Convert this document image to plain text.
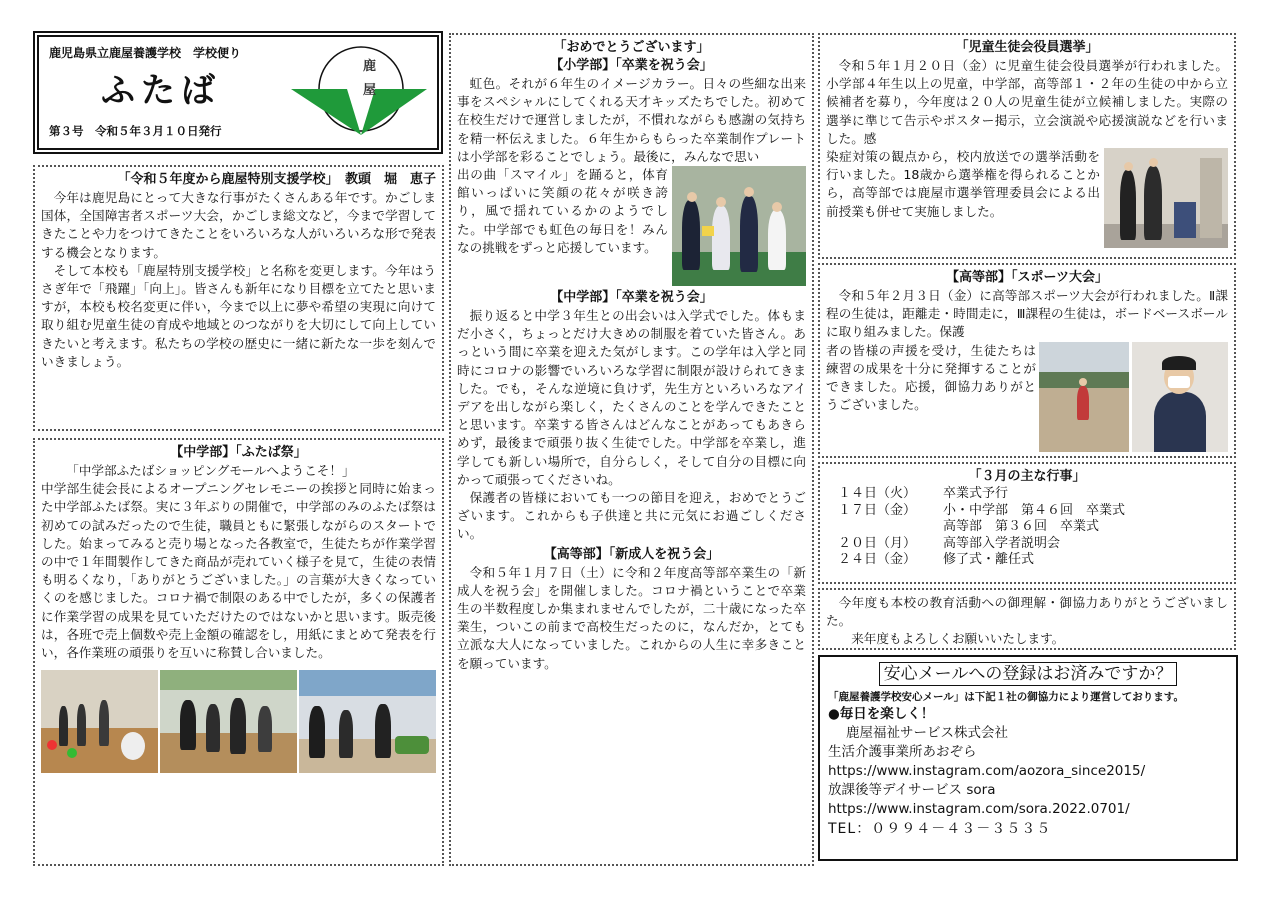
鹿児島県立鹿屋養護学校　学校便り
ふたば
第３号　令和５年３月１０日発行
鹿
屋
「令和５年度から鹿屋特別支援学校」　教頭　堀　恵子

今年は鹿児島にとって大きな行事がたくさんある年です。かごしま国体，全国障害者スポーツ大会，かごしま総文など，今まで学習してきたことや力をつけてきたことをいろいろな人がいろいろな形で発表する機会となります。

そして本校も「鹿屋特別支援学校」と名称を変更します。今年はうさぎ年で「飛躍」「向上」。皆さんも新年になり目標を立てたと思いますが，本校も校名変更に伴い，今まで以上に夢や希望の実現に向けて取り組む児童生徒の育成や地域とのつながりを大切にして向上していきたいと考えます。私たちの学校の歴史に一緒に新たな一歩を刻んでいきましょう。

【中学部】「ふたば祭」

「中学部ふたばショッピングモールへようこそ！」

中学部生徒会長によるオープニングセレモニーの挨拶と同時に始まった中学部ふたば祭。実に３年ぶりの開催で，中学部のみのふたば祭は初めての試みだったので生徒，職員ともに緊張しながらのスタートでした。始まってみると売り場となった各教室で，生徒たちが作業学習の中で１年間製作してきた商品が売れていく様子を見て，生徒の表情も明るくなり，「ありがとうございました。」の言葉が大きくなっていくのを感じました。コロナ禍で制限のある中でしたが，多くの保護者に作業学習の成果を見ていただけたのではないかと思います。販売後は，各班で売上個数や売上金額の確認をし，用紙にまとめて発表を行い，各作業班の頑張りを互いに称賛し合いました。

「おめでとうございます」
【小学部】「卒業を祝う会」

虹色。それが６年生のイメージカラー。日々の些細な出来事をスペシャルにしてくれる天才キッズたちでした。初めて在校生だけで運営しましたが，不慣れながらも感謝の気持ちを精一杯伝えました。６年生からもらった卒業制作プレートは小学部を彩ることでしょう。最後に，みんなで思い

出の曲「スマイル」を踊ると，体育館いっぱいに笑顔の花々が咲き誇り，風で揺れているかのようでした。中学部でも虹色の毎日を！みんなの挑戦をずっと応援しています。

【中学部】「卒業を祝う会」

振り返ると中学３年生との出会いは入学式でした。体もまだ小さく，ちょっとだけ大きめの制服を着ていた皆さん。あっという間に卒業を迎えた気がします。この学年は入学と同時にコロナの影響でいろいろな学習に制限が設けられてきました。でも，そんな逆境に負けず，先生方といろいろなアイデアを出しながら楽しく，たくさんのことを学んできたことと思います。卒業する皆さんはどんなことがあってもあきらめず，最後まで頑張り抜く生徒でした。中学部を卒業し，進学しても新しい場所で，自分らしく，そして自分の目標に向かって頑張ってくださいね。

保護者の皆様においても一つの節目を迎え，おめでとうございます。これからも子供達と共に元気にお過ごしください。

【高等部】「新成人を祝う会」

令和５年１月７日（土）に令和２年度高等部卒業生の「新成人を祝う会」を開催しました。コロナ禍ということで卒業生の半数程度しか集まれませんでしたが，二十歳になった卒業生，ついこの前まで高校生だったのに，なんだか，とても立派な大人になっていました。これからの人生に幸多きことを願っています。

「児童生徒会役員選挙」

令和５年１月２０日（金）に児童生徒会役員選挙が行われました。小学部４年生以上の児童，中学部，高等部１・２年の生徒の中から立候補者を募り，今年度は２０人の児童生徒が立候補しました。実際の選挙に準じて告示やポスター掲示，立会演説や応援演説などを行いました。感

染症対策の観点から，校内放送での選挙活動を行いました。18歳から選挙権を得られることから，高等部では鹿屋市選挙管理委員会による出前授業も併せて実施しました。

【高等部】「スポーツ大会」

令和５年２月３日（金）に高等部スポーツ大会が行われました。Ⅱ課程の生徒は，距離走・時間走に，Ⅲ課程の生徒は，ボードベースボールに取り組みました。保護

者の皆様の声援を受け，生徒たちは練習の成果を十分に発揮することができました。応援，御協力ありがとうございました。

「３月の主な行事」
１４日（火）	卒業式予行
１７日（金）	小・中学部　第４６回　卒業式
高等部　第３６回　卒業式
２０日（月）	高等部入学者説明会
２４日（金）	修了式・離任式

今年度も本校の教育活動への御理解・御協力ありがとうございました。

来年度もよろしくお願いいたします。

安心メールへの登録はお済みですか？
「鹿屋養護学校安心メール」は下記１社の御協力により運営しております。
●毎日を楽しく！
鹿屋福祉サービス株式会社
生活介護事業所あおぞら
https://www.instagram.com/aozora_since2015/
放課後等デイサービス sora
https://www.instagram.com/sora.2022.0701/
TEL：０９９４－４３－３５３５
